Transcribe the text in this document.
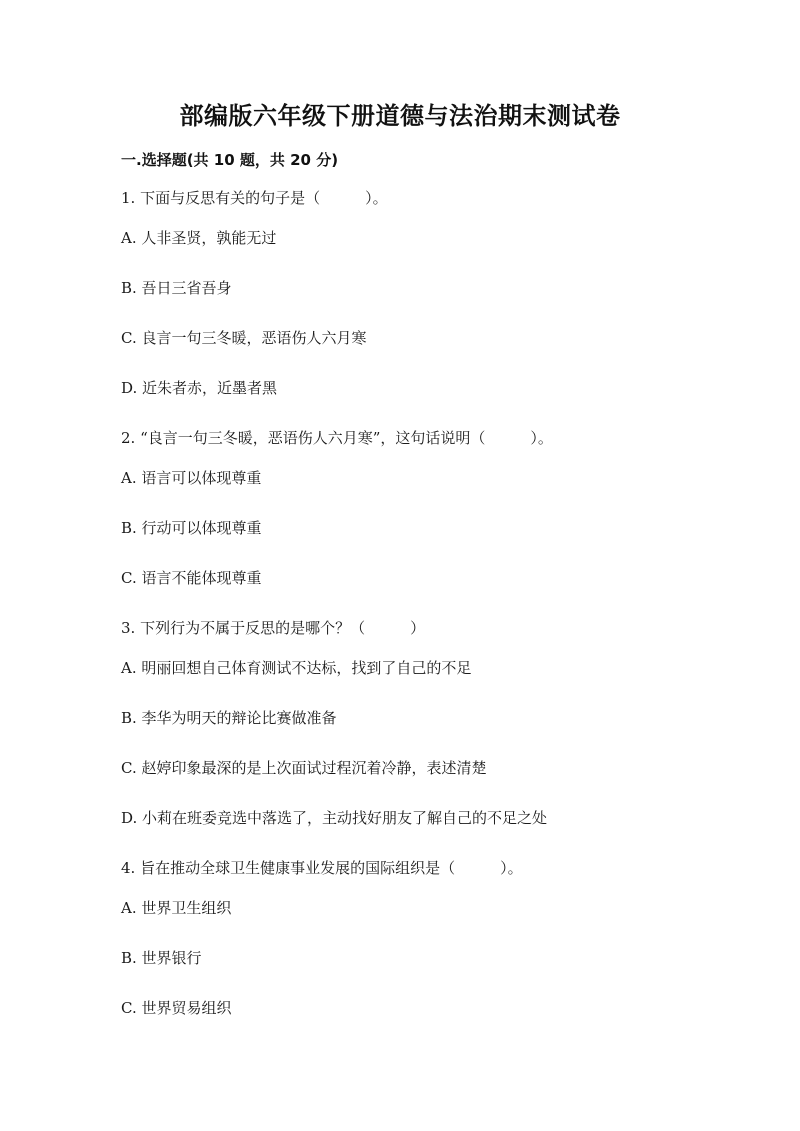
部编版六年级下册道德与法治期末测试卷
一.选择题(共 10 题，共 20 分)
1. 下面与反思有关的句子是（　　　）。
A. 人非圣贤，孰能无过
B. 吾日三省吾身
C. 良言一句三冬暖，恶语伤人六月寒
D. 近朱者赤，近墨者黑
2. “良言一句三冬暖，恶语伤人六月寒”，这句话说明（　　　）。
A. 语言可以体现尊重
B. 行动可以体现尊重
C. 语言不能体现尊重
3. 下列行为不属于反思的是哪个？（　　　）
A. 明丽回想自己体育测试不达标，找到了自己的不足
B. 李华为明天的辩论比赛做准备
C. 赵婷印象最深的是上次面试过程沉着冷静，表述清楚
D. 小莉在班委竞选中落选了，主动找好朋友了解自己的不足之处
4. 旨在推动全球卫生健康事业发展的国际组织是（　　　）。
A. 世界卫生组织
B. 世界银行
C. 世界贸易组织
